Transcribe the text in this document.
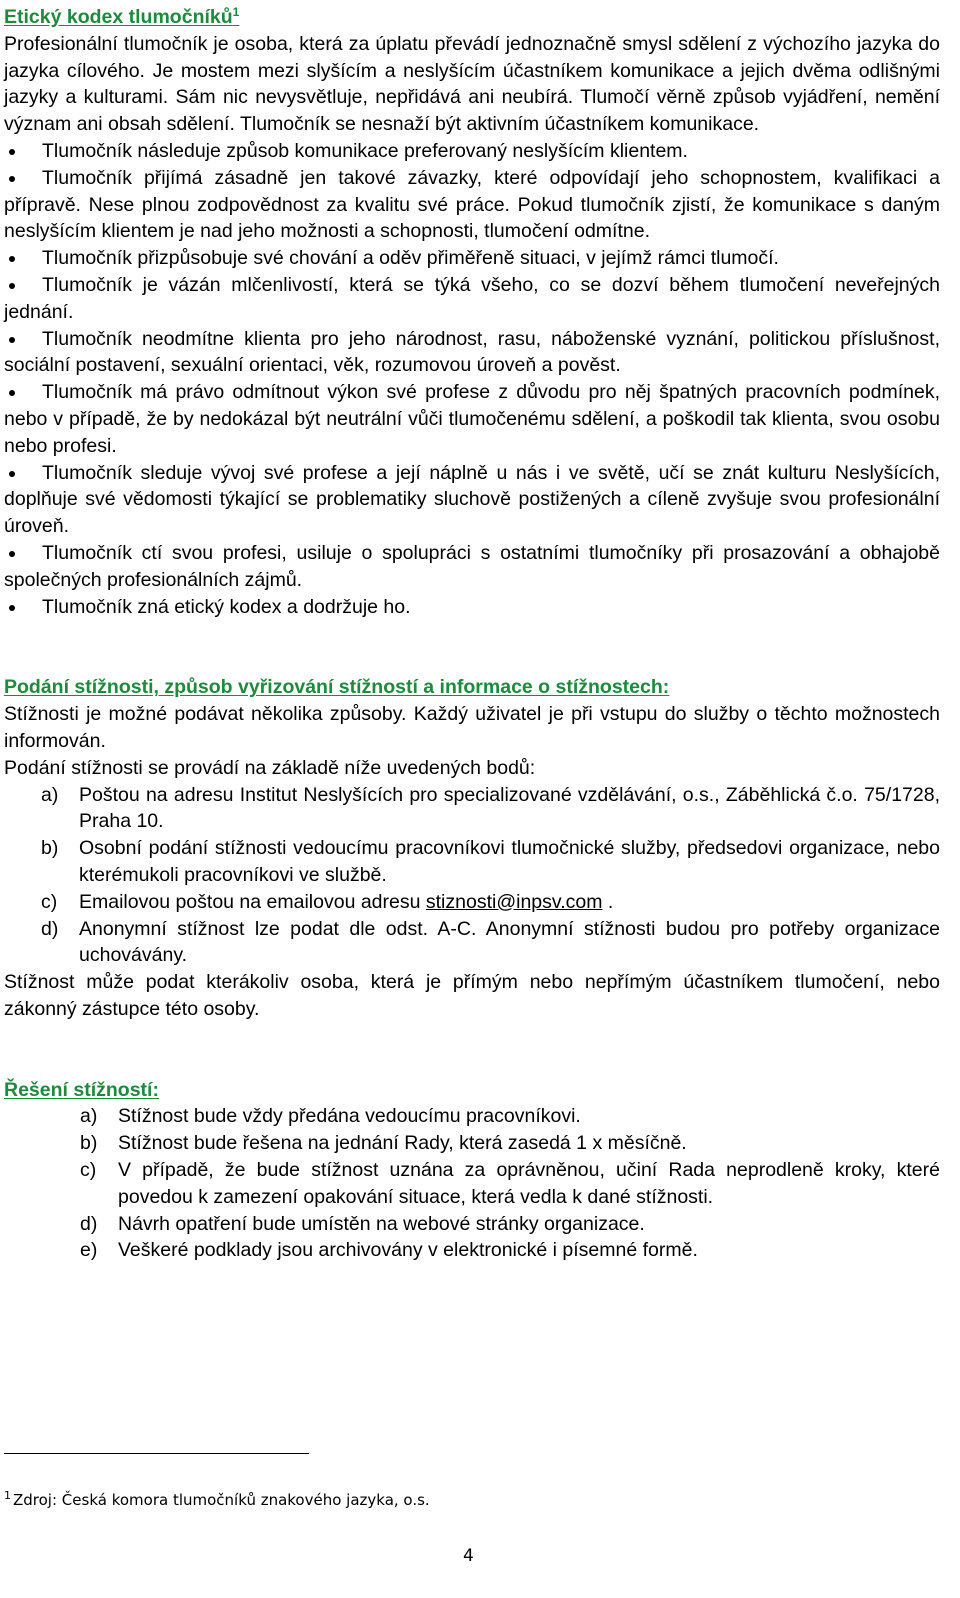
Etický kodex tlumočníků$^1$

Profesionální tlumočník je osoba, která za úplatu převádí jednoznačně smysl sdělení z výchozího jazyka do jazyka cílového. Je mostem mezi slyšícím a neslyšícím účastníkem komunikace a jejich dvěma odlišnými jazyky a kulturami. Sám nic nevysvětluje, nepřidává ani neubírá. Tlumočí věrně způsob vyjádření, nemění význam ani obsah sdělení. Tlumočník se nesnaží být aktivním účastníkem komunikace.

Tlumočník následuje způsob komunikace preferovaný neslyšícím klientem.
Tlumočník přijímá zásadně jen takové závazky, které odpovídají jeho schopnostem, kvalifikaci a přípravě. Nese plnou zodpovědnost za kvalitu své práce. Pokud tlumočník zjistí, že komunikace s daným neslyšícím klientem je nad jeho možnosti a schopnosti, tlumočení odmítne.
Tlumočník přizpůsobuje své chování a oděv přiměřeně situaci, v jejímž rámci tlumočí.
Tlumočník je vázán mlčenlivostí, která se týká všeho, co se dozví během tlumočení neveřejných jednání.
Tlumočník neodmítne klienta pro jeho národnost, rasu, náboženské vyznání, politickou příslušnost, sociální postavení, sexuální orientaci, věk, rozumovou úroveň a pověst.
Tlumočník má právo odmítnout výkon své profese z důvodu pro něj špatných pracovních podmínek, nebo v případě, že by nedokázal být neutrální vůči tlumočenému sdělení, a poškodil tak klienta, svou osobu nebo profesi.
Tlumočník sleduje vývoj své profese a její náplně u nás i ve světě, učí se znát kulturu Neslyšících, doplňuje své vědomosti týkající se problematiky sluchově postižených a cíleně zvyšuje svou profesionální úroveň.
Tlumočník ctí svou profesi, usiluje o spolupráci s ostatními tlumočníky při prosazování a obhajobě společných profesionálních zájmů.
Tlumočník zná etický kodex a dodržuje ho.
Podání stížnosti, způsob vyřizování stížností a informace o stížnostech:

Stížnosti je možné podávat několika způsoby. Každý uživatel je při vstupu do služby o těchto možnostech informován.

Podání stížnosti se provádí na základě níže uvedených bodů:

a) Poštou na adresu Institut Neslyšících pro specializované vzdělávání, o.s., Záběhlická č.o. 75/1728, Praha 10.
b) Osobní podání stížnosti vedoucímu pracovníkovi tlumočnické služby, předsedovi organizace, nebo kterémukoli pracovníkovi ve službě.
c) Emailovou poštou na emailovou adresu stiznosti@inpsv.com .
d) Anonymní stížnost lze podat dle odst. A-C. Anonymní stížnosti budou pro potřeby organizace uchovávány.

Stížnost může podat kterákoliv osoba, která je přímým nebo nepřímým účastníkem tlumočení, nebo zákonný zástupce této osoby.

Řešení stížností:
a) Stížnost bude vždy předána vedoucímu pracovníkovi.
b) Stížnost bude řešena na jednání Rady, která zasedá 1 x měsíčně.
c) V případě, že bude stížnost uznána za oprávněnou, učiní Rada neprodleně kroky, které povedou k zamezení opakování situace, která vedla k dané stížnosti.
d) Návrh opatření bude umístěn na webové stránky organizace.
e) Veškeré podklady jsou archivovány v elektronické i písemné formě.
$^1$ Zdroj: Česká komora tlumočníků znakového jazyka, o.s.
4
